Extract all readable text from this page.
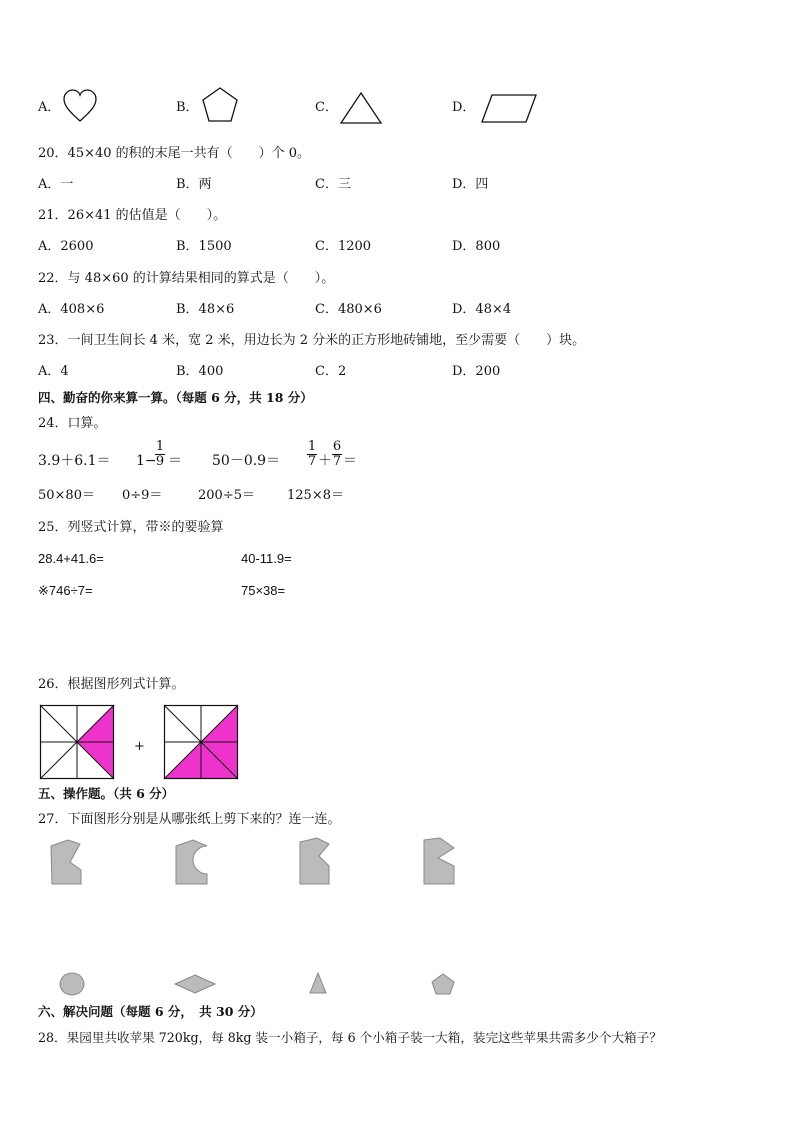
A．	B．	C．	D．
20．45×40 的积的末尾一共有（　　）个 0。
A．一	B．两	C．三	D．四
21．26×41 的估值是（　　）。
A．2600	B．1500	C．1200	D．800
22．与 48×60 的计算结果相同的算式是（　　）。
A．408×6	B．48×6	C．480×6	D．48×4
23．一间卫生间长 4 米，宽 2 米，用边长为 2 分米的正方形地砖铺地，至少需要（　　）块。
A．4	B．400	C．2	D．200
四、勤奋的你来算一算。（每题 6 分，共 18 分）
24．口算。
3.9＋6.1＝ 1−
1
9 ＝ 50－0.9＝
1
7 ＋
6
7 ＝
50×80＝ 0÷9＝	200÷5＝ 125×8＝
25．列竖式计算，带※的要验算
28.4+41.6=	40-11.9=
※746÷7=	75×38=
26．根据图形列式计算。
+
五、操作题。（共 6 分）
27．下面图形分别是从哪张纸上剪下来的？连一连。
六、解决问题（每题 6 分，　共 30 分）
28．果园里共收苹果 720kg，每 8kg 装一小箱子，每 6 个小箱子装一大箱，装完这些苹果共需多少个大箱子？
